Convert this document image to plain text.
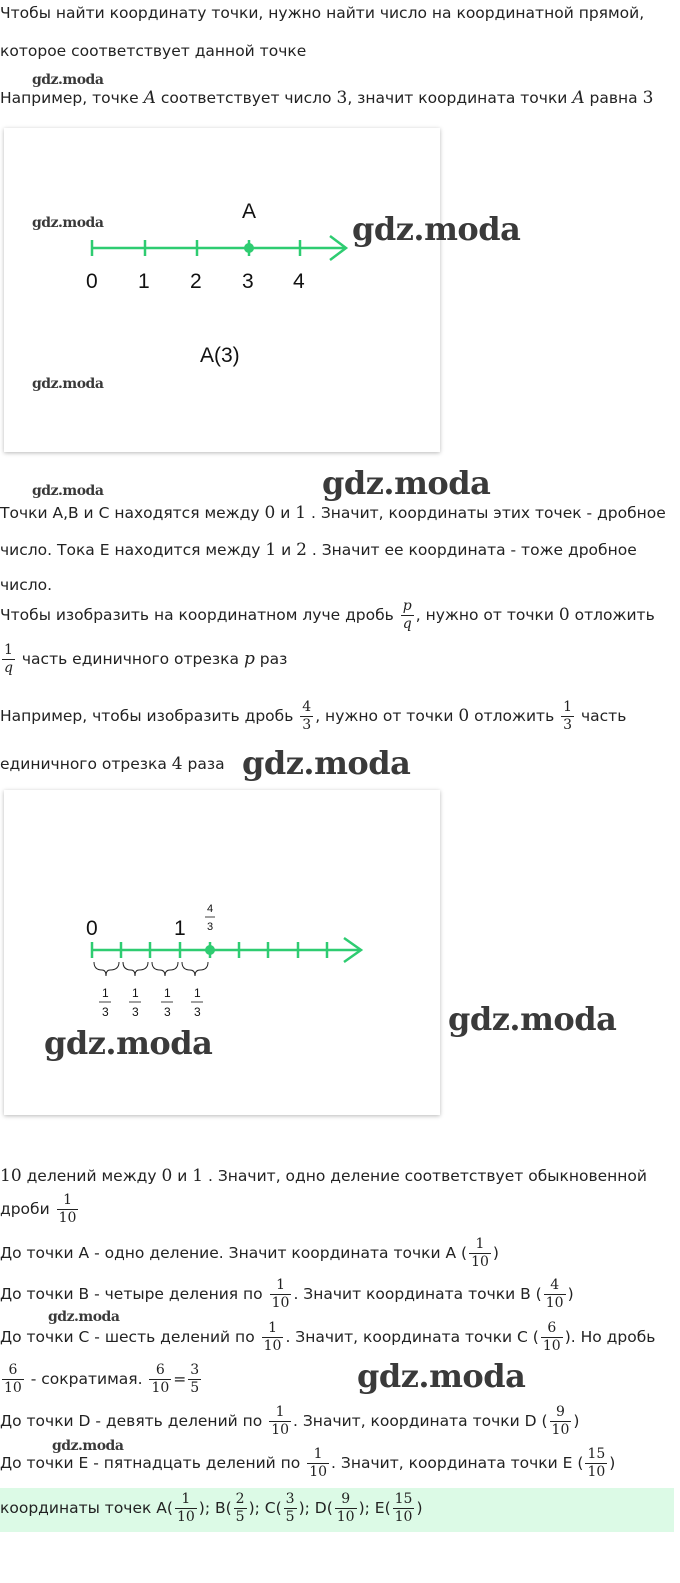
Чтобы найти координату точки, нужно найти число на координатной прямой,
которое соответствует данной точке
Например, точке A соответствует число 3, значит координата точки A равна 3
A
0 1 2 3 4
A(3)
Точки A,B и C находятся между 0 и 1 . Значит, координаты этих точек - дробное
число. Тока E находится между 1 и 2 . Значит ее координата - тоже дробное
число.
Чтобы изобразить на координатном луче дробь $\frac{p}{q}$ , нужно от точки 0 отложить
$\frac{1}{q}$ часть единичного отрезка p раз
Например, чтобы изобразить дробь $\frac{4}{3}$ , нужно от точки 0 отложить $\frac{1}{3}$ часть
единичного отрезка 4 раза
0	1
4
3
1
3
1
3
1
3
1
3
10 делений между 0 и 1 . Значит, одно деление соответствует обыкновенной
дроби $\frac{1}{10}$
До точки A - одно деление. Значит координата точки A ( $\frac{1}{10}$ )
До точки B - четыре деления по $\frac{1}{10}$ . Значит координата точки B ( $\frac{4}{10}$ )
До точки C - шесть делений по $\frac{1}{10}$ . Значит, координата точки C ( $\frac{6}{10}$ ). Но дробь
$\frac{6}{10}$ - сократимая. $\frac{6}{10} = \frac{3}{5}$
До точки D - девять делений по $\frac{1}{10}$ . Значит, координата точки D ( $\frac{9}{10}$ )
До точки E - пятнадцать делений по $\frac{1}{10}$ . Значит, координата точки E ( $\frac{15}{10}$ )
координаты точек $A( \frac{1}{10}$ ); $B( \frac{2}{5}$ ); $C( \frac{3}{5}$ ); $D( \frac{9}{10}$ ); $E( \frac{15}{10}$ )
gdz.moda
gdz.moda	gdz.moda
gdz.moda
gdz.moda	gdz.moda
gdz.moda
gdz.moda
gdz.moda
gdz.moda
gdz.moda
gdz.moda
